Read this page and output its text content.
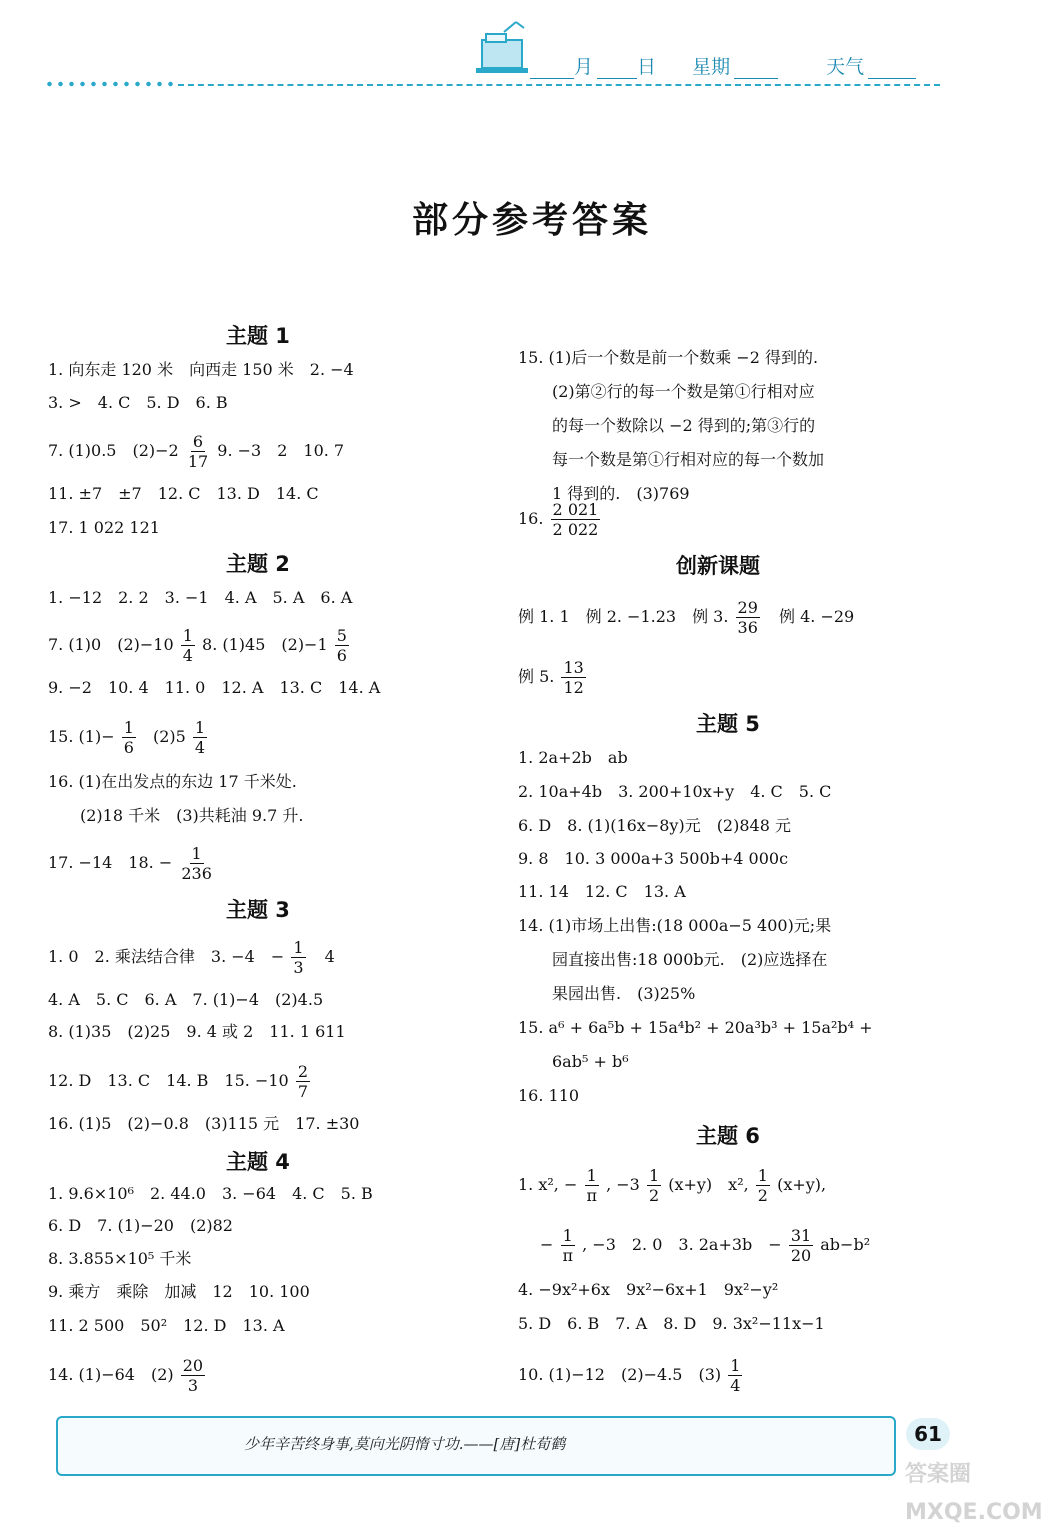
月 日 星期	天气
部分参考答案
主题 1
1. 向东走 120 米　向西走 150 米　2. −4
3. >　4. C　5. D　6. B
7. (1)0.5　$(2)-2 \frac{6}{17} 9$. −3　2　10. 7
11. ±7　±7　12. C　13. D　14. C
17. 1 022 121
主题 2
1. −12　2. 2　3. −1　4. A　5. A　6. A
7. (1)0　$(2)-10 \frac{1}{4} 8$. (1)45　$(2)-1 \frac{5}{6}$
9. −2　10. 4　11. 0　12. A　13. C　14. A
15. $(1)- \frac{1}{6} (2)5 \frac{1}{4}$
16. (1)在出发点的东边 17 千米处.
(2)18 千米　(3)共耗油 9.7 升.
17. −14　18. − $\frac{1}{236}$
主题 3
1. 0　2. 乘法结合律　3. −4　− $\frac{1}{3} 4$
4. A　5. C　6. A　7. (1)−4　(2)4.5
8. (1)35　(2)25　9. 4 或 2　11. 1 611
12. D　13. C　14. B　15. $-10 \frac{2}{7}$
16. (1)5　(2)−0.8　(3)115 元　17. ±30
主题 4
1. 9.6×10⁶　2. 44.0　3. −64　4. C　5. B
6. D　7. (1)−20　(2)82
8. 3.855×10⁵ 千米
9. 乘方　乘除　加减　12　10. 100
11. 2 500　50²　12. D　13. A
14. (1)−64　$(2) \frac{20}{3}$
15. (1)后一个数是前一个数乘 −2 得到的.
(2)第②行的每一个数是第①行相对应
的每一个数除以 −2 得到的;第③行的
每一个数是第①行相对应的每一个数加
1 得到的.　(3)769
16. $\frac{2 021}{2 022}$
创新课题
例 1. 1　例 2. −1.23　例 3. $\frac{29}{36}$ 例 4. −29
例 5. $\frac{13}{12}$
主题 5
1. 2a+2b　ab
2. 10a+4b　3. 200+10x+y　4. C　5. C
6. D　8. (1)(16x−8y)元　(2)848 元
9. 8　10. 3 000a+3 500b+4 000c
11. 14　12. C　13. A
14. (1)市场上出售:(18 000a−5 400)元;果
园直接出售:18 000b元.　(2)应选择在
果园出售.　(3)25%
15. a⁶ + 6a⁵b + 15a⁴b² + 20a³b³ + 15a²b⁴ +
6ab⁵ + b⁶
16. 110
主题 6
1. x², − $\frac{1}{\pi}$ , $-3 \frac{1}{2} (x+y)$　x², $\frac{1}{2} (x+y)$,
− $\frac{1}{\pi}$ , −3　2. 0　3. 2a+3b　− $\frac{31}{20} ab-b^2$
4. −9x²+6x　9x²−6x+1　9x²−y²
5. D　6. B　7. A　8. D　9. 3x²−11x−1
10. (1)−12　(2)−4.5　$(3) \frac{1}{4}$
少年辛苦终身事,莫向光阴惰寸功.——[唐]杜荀鹤	61
答案圈 MXQE.COM
